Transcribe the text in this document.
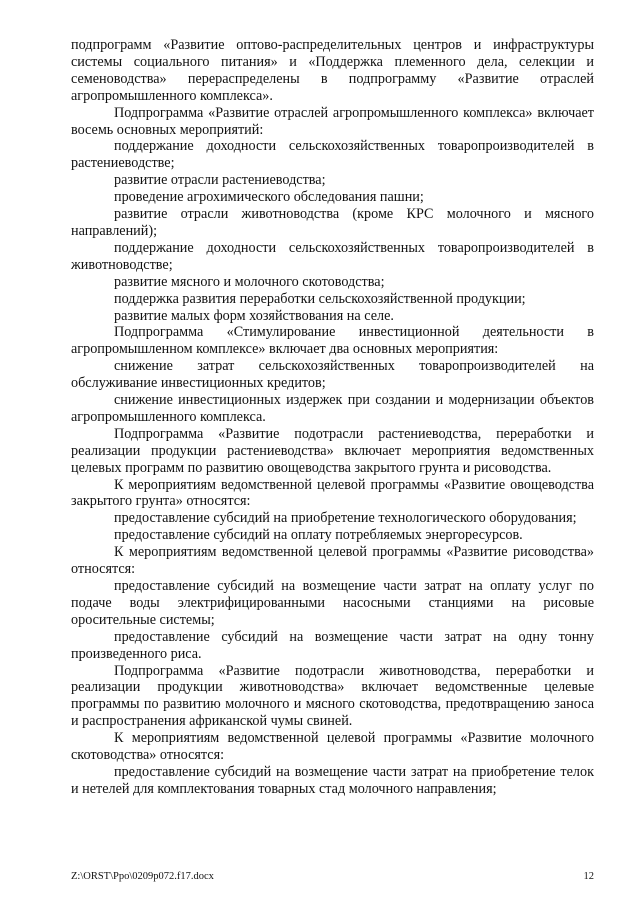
подпрограмм «Развитие оптово-распределительных центров и инфраструктуры системы социального питания» и «Поддержка племенного дела, селекции и семеноводства» перераспределены в подпрограмму «Развитие отраслей агропромышленного комплекса».

Подпрограмма «Развитие отраслей агропромышленного комплекса» включает восемь основных мероприятий:

поддержание доходности сельскохозяйственных товаропроизводителей в растениеводстве;

развитие отрасли растениеводства;

проведение агрохимического обследования пашни;

развитие отрасли животноводства (кроме КРС молочного и мясного направлений);

поддержание доходности сельскохозяйственных товаропроизводителей в животноводстве;

развитие мясного и молочного скотоводства;

поддержка развития переработки сельскохозяйственной продукции;

развитие малых форм хозяйствования на селе.

Подпрограмма «Стимулирование инвестиционной деятельности в агропромышленном комплексе» включает два основных мероприятия:

снижение затрат сельскохозяйственных товаропроизводителей на обслуживание инвестиционных кредитов;

снижение инвестиционных издержек при создании и модернизации объектов агропромышленного комплекса.

Подпрограмма «Развитие подотрасли растениеводства, переработки и реализации продукции растениеводства» включает мероприятия ведомственных целевых программ по развитию овощеводства закрытого грунта и рисоводства.

К мероприятиям ведомственной целевой программы «Развитие овощеводства закрытого грунта» относятся:

предоставление субсидий на приобретение технологического оборудования;

предоставление субсидий на оплату потребляемых энергоресурсов.

К мероприятиям ведомственной целевой программы «Развитие рисоводства» относятся:

предоставление субсидий на возмещение части затрат на оплату услуг по подаче воды электрифицированными насосными станциями на рисовые оросительные системы;

предоставление субсидий на возмещение части затрат на одну тонну произведенного риса.

Подпрограмма «Развитие подотрасли животноводства, переработки и реализации продукции животноводства» включает ведомственные целевые программы по развитию молочного и мясного скотоводства, предотвращению заноса и распространения африканской чумы свиней.

К мероприятиям ведомственной целевой программы «Развитие молочного скотоводства» относятся:

предоставление субсидий на возмещение части затрат на приобретение телок и нетелей для комплектования товарных стад молочного направления;

Z:\ORST\Ppo\0209p072.f17.docx	12
